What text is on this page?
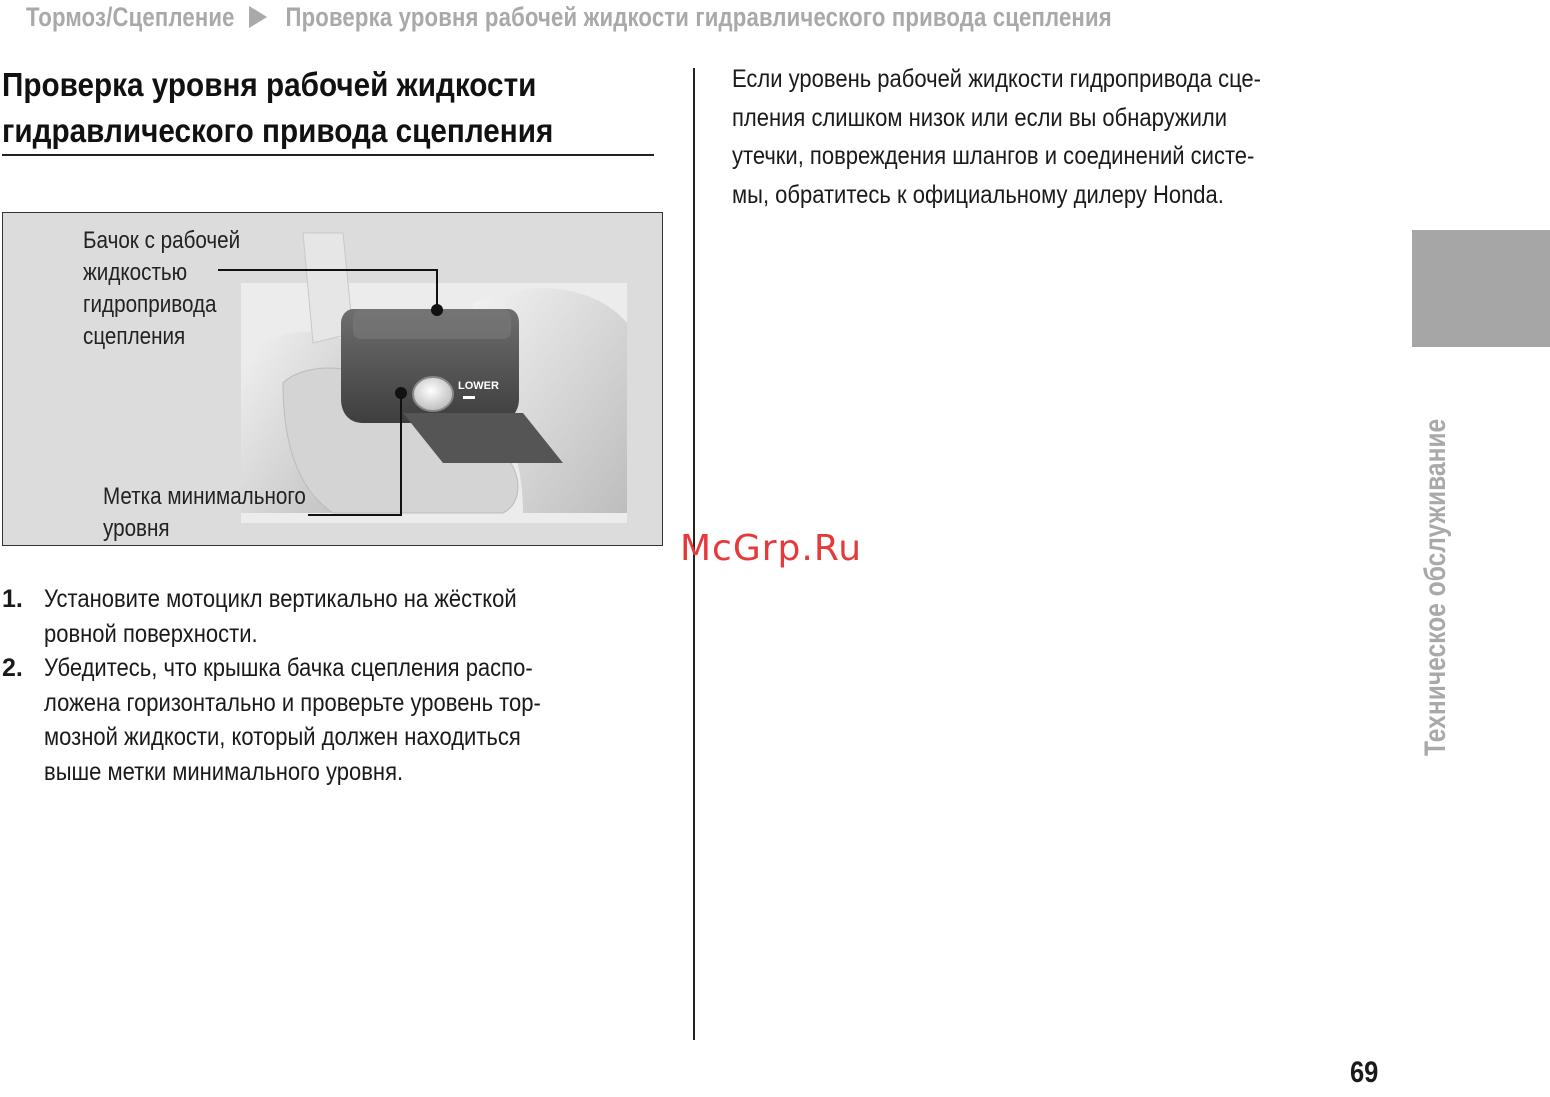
Тормоз/Сцепление Проверка уровня рабочей жидкости гидравлического привода сцепления
Проверка уровня рабочей жидкости
гидравлического привода сцепления
LOWER
Бачок с рабочей
жидкостью
гидропривода
сцепления
Метка минимального
уровня
1. Установите мотоцикл вертикально на жёсткой
ровной поверхности.
2. Убедитесь, что крышка бачка сцепления распо-
ложена горизонтально и проверьте уровень тор-
мозной жидкости, который должен находиться
выше метки минимального уровня.
Если уровень рабочей жидкости гидропривода сце-
пления слишком низок или если вы обнаружили
утечки, повреждения шлангов и соединений систе-
мы, обратитесь к официальному дилеру Honda.
Техническое обслуживание
McGrp.Ru
69
